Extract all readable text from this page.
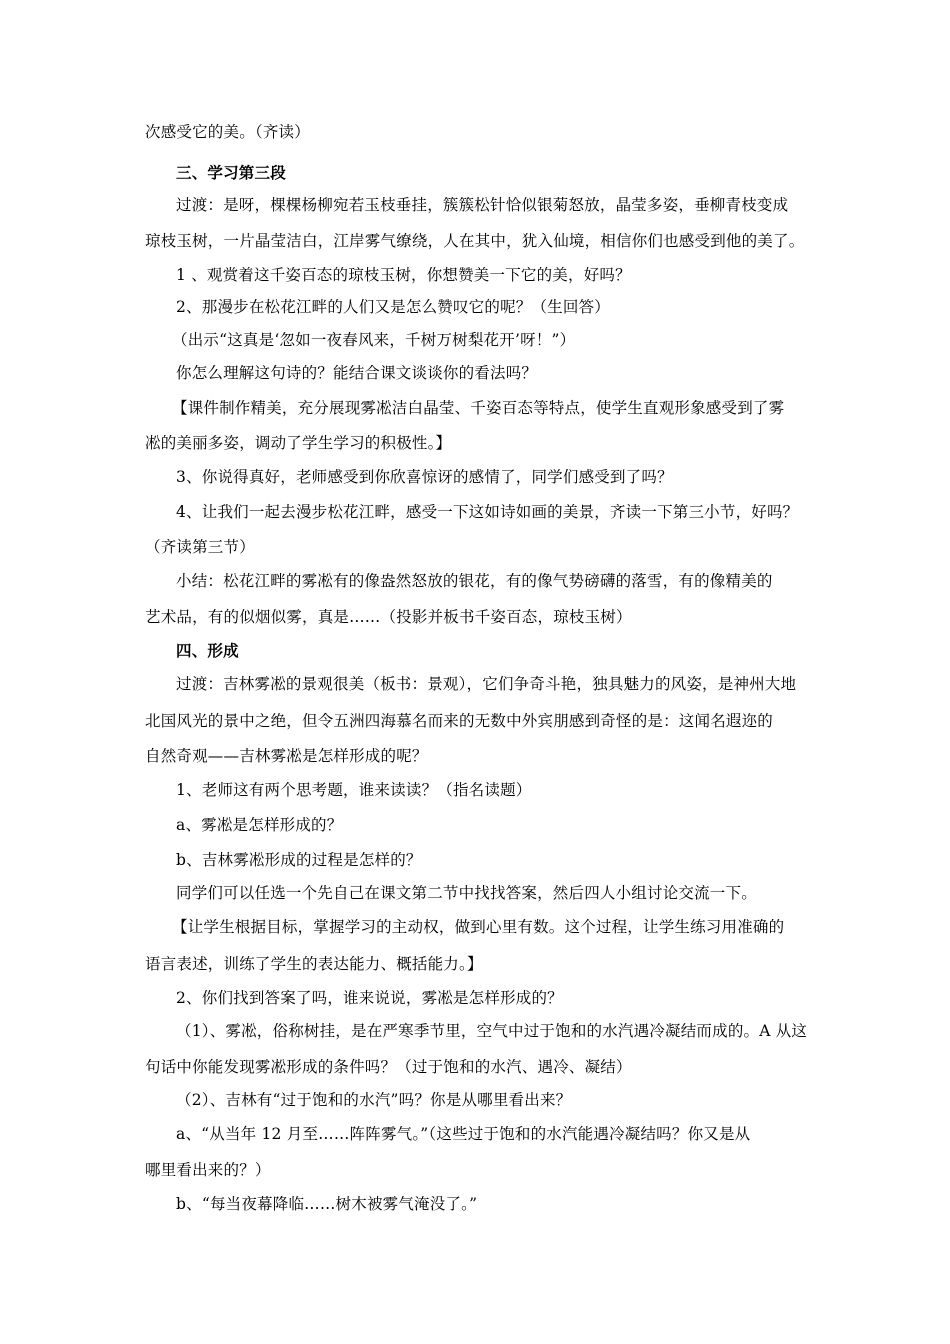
次感受它的美。（齐读）
三、学习第三段
过渡：是呀，棵棵杨柳宛若玉枝垂挂，簇簇松针恰似银菊怒放，晶莹多姿，垂柳青枝变成
琼枝玉树，一片晶莹洁白，江岸雾气缭绕，人在其中，犹入仙境，相信你们也感受到他的美了。
1 、观赏着这千姿百态的琼枝玉树，你想赞美一下它的美，好吗？
2、那漫步在松花江畔的人们又是怎么赞叹它的呢？（生回答）
（出示“这真是‘忽如一夜春风来，千树万树梨花开’呀！”）
你怎么理解这句诗的？能结合课文谈谈你的看法吗？
【课件制作精美，充分展现雾凇洁白晶莹、千姿百态等特点，使学生直观形象感受到了雾
凇的美丽多姿，调动了学生学习的积极性。】
3、你说得真好，老师感受到你欣喜惊讶的感情了，同学们感受到了吗？
4、让我们一起去漫步松花江畔，感受一下这如诗如画的美景，齐读一下第三小节，好吗？
（齐读第三节）
小结：松花江畔的雾凇有的像盎然怒放的银花，有的像气势磅礴的落雪，有的像精美的
艺术品，有的似烟似雾，真是……（投影并板书千姿百态，琼枝玉树）
四、形成
过渡：吉林雾凇的景观很美（板书：景观），它们争奇斗艳，独具魅力的风姿，是神州大地
北国风光的景中之绝，但令五洲四海慕名而来的无数中外宾朋感到奇怪的是：这闻名遐迩的
自然奇观——吉林雾凇是怎样形成的呢？
1、老师这有两个思考题，谁来读读？（指名读题）
a、雾凇是怎样形成的？
b、吉林雾凇形成的过程是怎样的？
同学们可以任选一个先自己在课文第二节中找找答案，然后四人小组讨论交流一下。
【让学生根据目标，掌握学习的主动权，做到心里有数。这个过程，让学生练习用准确的
语言表述，训练了学生的表达能力、概括能力。】
2、你们找到答案了吗，谁来说说，雾凇是怎样形成的？
（1）、雾凇，俗称树挂，是在严寒季节里，空气中过于饱和的水汽遇冷凝结而成的。A 从这
句话中你能发现雾凇形成的条件吗？（过于饱和的水汽、遇冷、凝结）
（2）、吉林有“过于饱和的水汽”吗？你是从哪里看出来？
a、“从当年 12 月至……阵阵雾气。”（这些过于饱和的水汽能遇冷凝结吗？你又是从
哪里看出来的？）
b、“每当夜幕降临……树木被雾气淹没了。”
